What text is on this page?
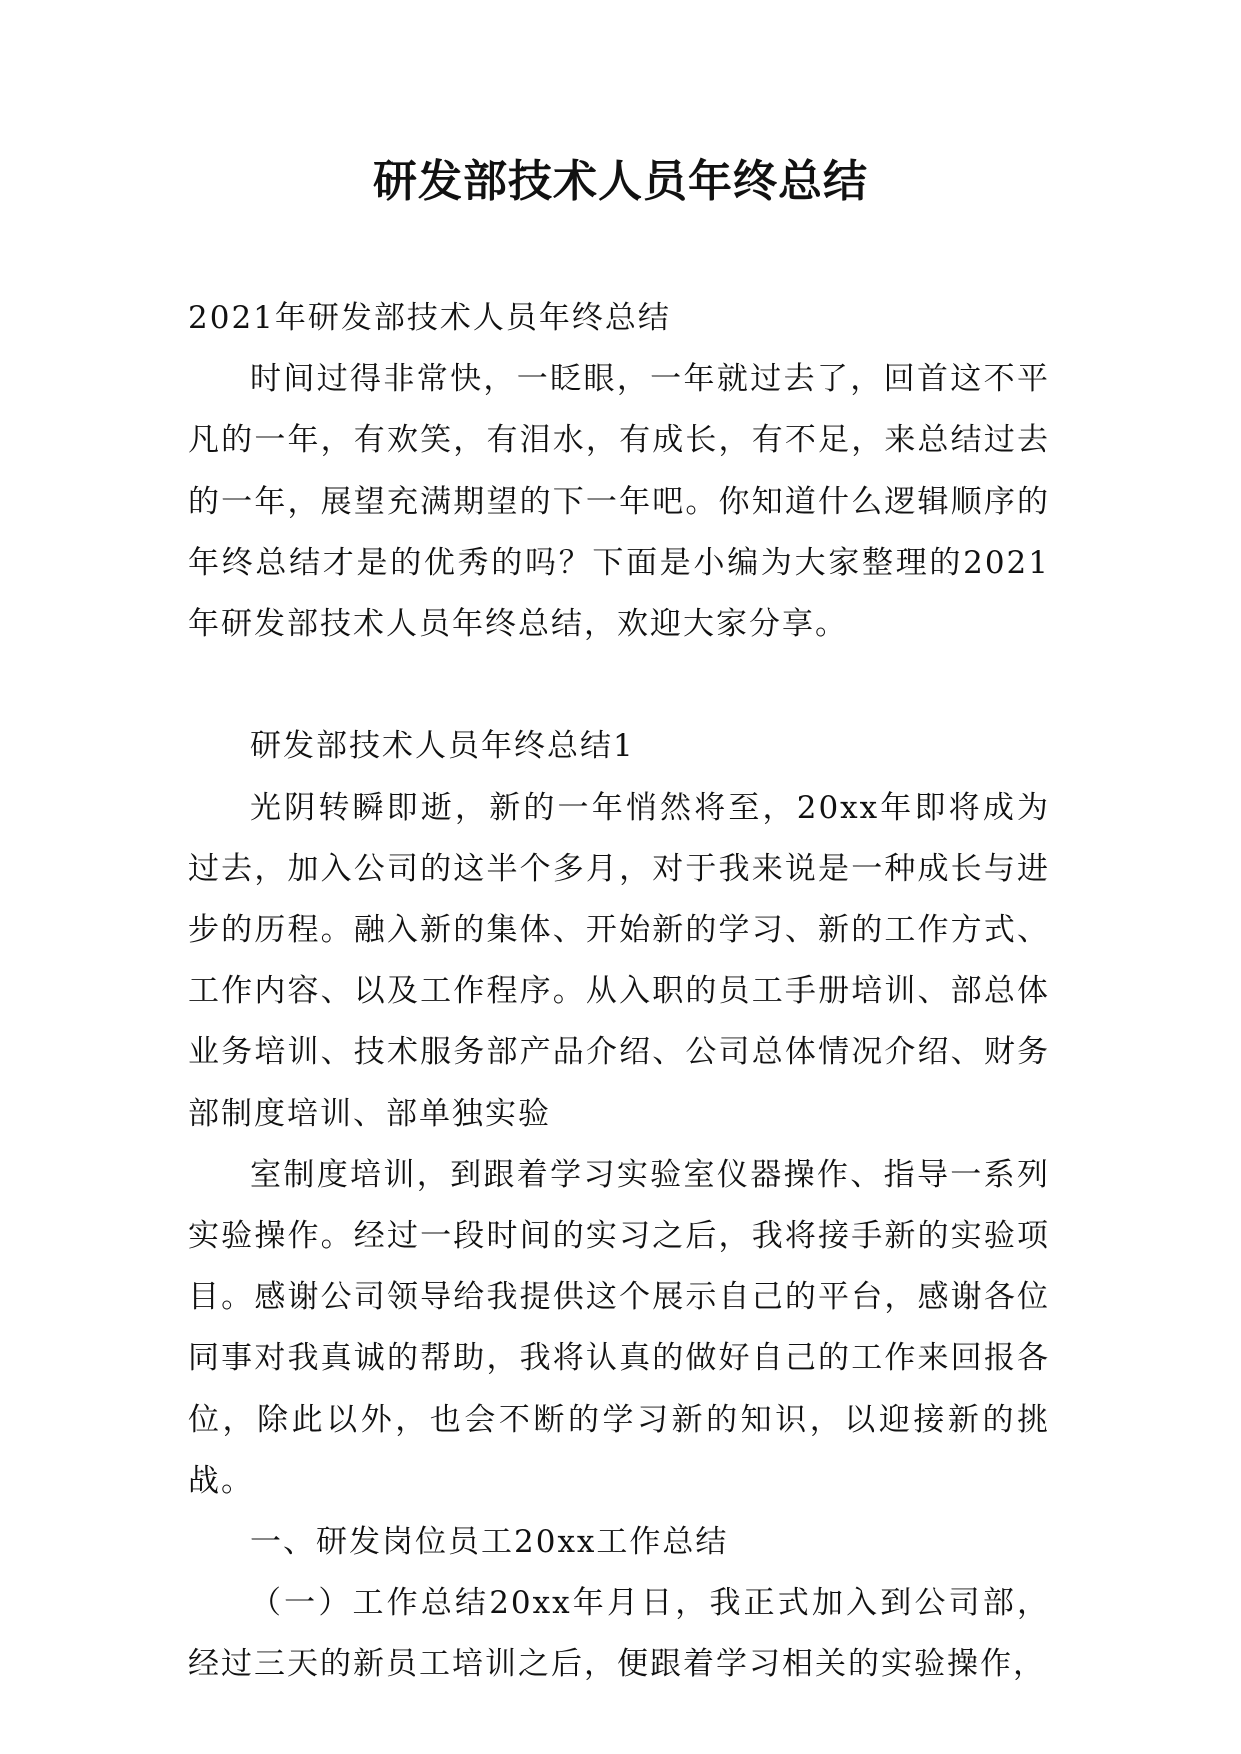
研发部技术人员年终总结

2021年研发部技术人员年终总结

时间过得非常快，一眨眼，一年就过去了，回首这不平凡的一年，有欢笑，有泪水，有成长，有不足，来总结过去的一年，展望充满期望的下一年吧。你知道什么逻辑顺序的年终总结才是的优秀的吗？下面是小编为大家整理的2021年研发部技术人员年终总结，欢迎大家分享。

研发部技术人员年终总结1

光阴转瞬即逝，新的一年悄然将至，20xx年即将成为过去，加入公司的这半个多月，对于我来说是一种成长与进步的历程。融入新的集体、开始新的学习、新的工作方式、工作内容、以及工作程序。从入职的员工手册培训、部总体业务培训、技术服务部产品介绍、公司总体情况介绍、财务部制度培训、部单独实验

室制度培训，到跟着学习实验室仪器操作、指导一系列实验操作。经过一段时间的实习之后，我将接手新的实验项目。感谢公司领导给我提供这个展示自己的平台，感谢各位同事对我真诚的帮助，我将认真的做好自己的工作来回报各位，除此以外，也会不断的学习新的知识，以迎接新的挑战。

一、研发岗位员工20xx工作总结

（一）工作总结20xx年月日，我正式加入到公司部，经过三天的新员工培训之后，便跟着学习相关的实验操作，
